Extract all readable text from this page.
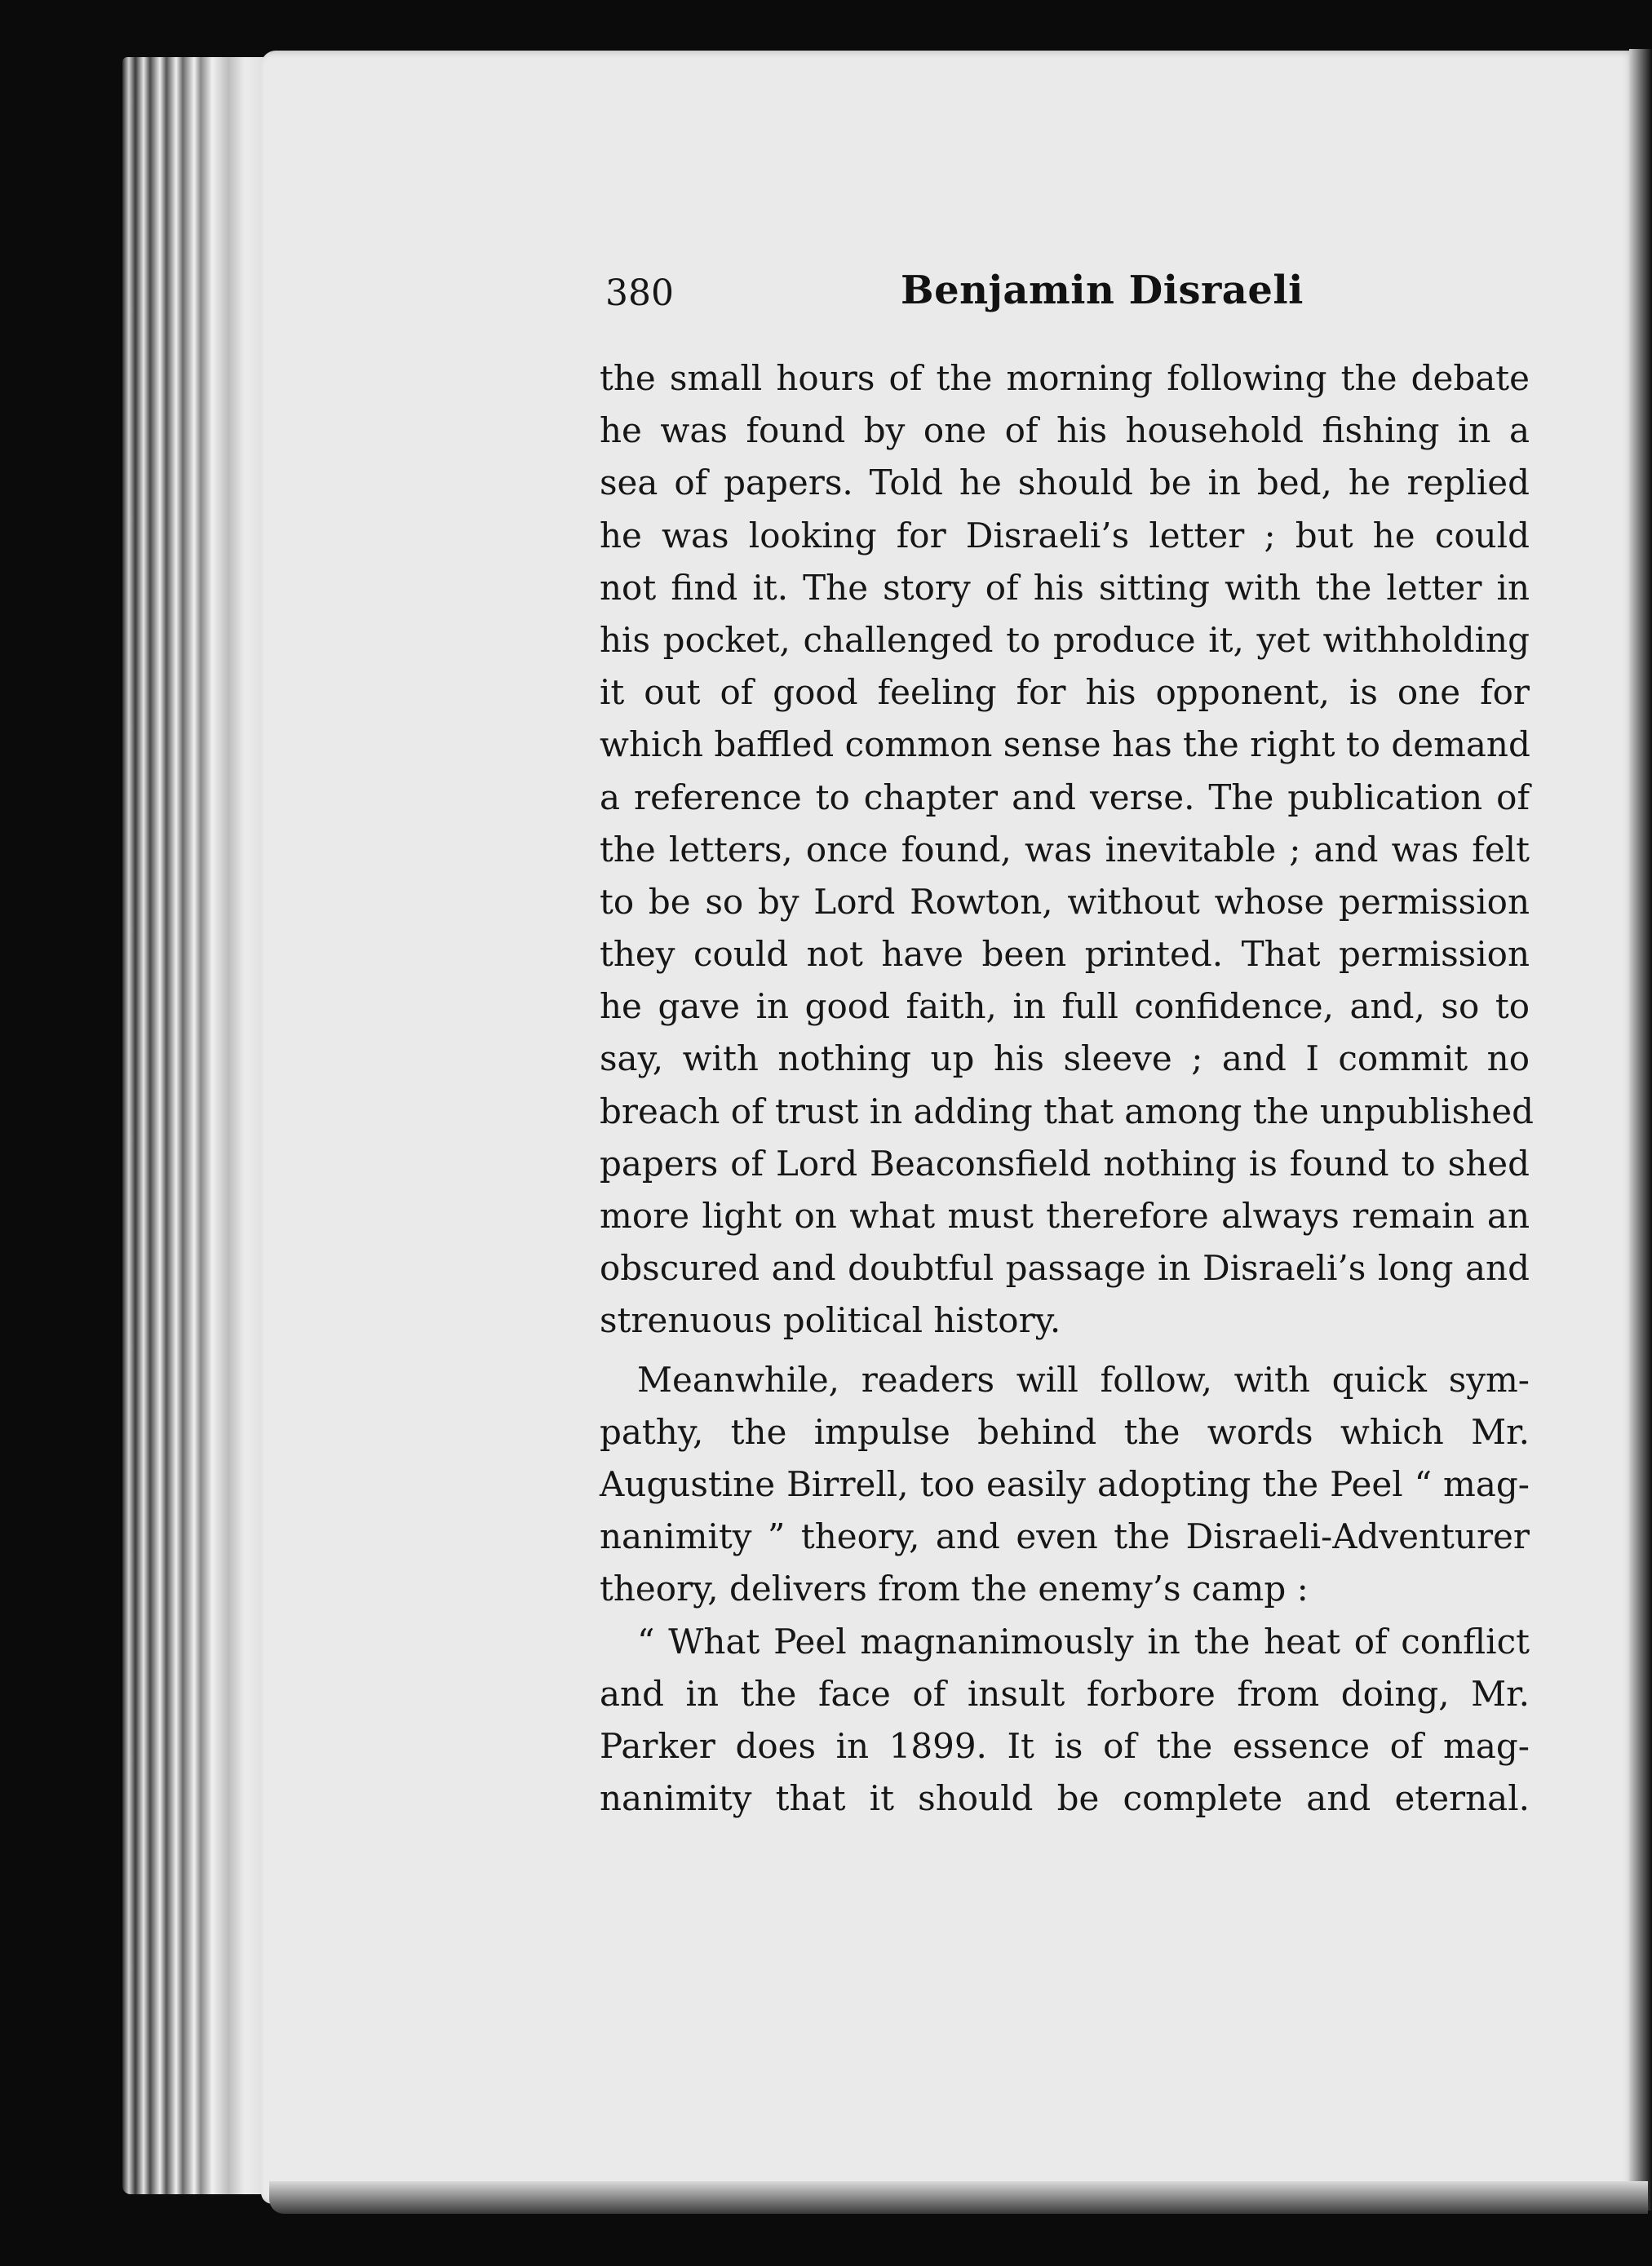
380	Benjamin Disraeli
the small hours of the morning following the debate
he was found by one of his household fishing in a
sea of papers. Told he should be in bed, he replied
he was looking for Disraeli’s letter ; but he could
not find it. The story of his sitting with the letter in
his pocket, challenged to produce it, yet withholding
it out of good feeling for his opponent, is one for
which baffled common sense has the right to demand
a reference to chapter and verse. The publication of
the letters, once found, was inevitable ; and was felt
to be so by Lord Rowton, without whose permission
they could not have been printed. That permission
he gave in good faith, in full confidence, and, so to
say, with nothing up his sleeve ; and I commit no
breach of trust in adding that among the unpublished
papers of Lord Beaconsfield nothing is found to shed
more light on what must therefore always remain an
obscured and doubtful passage in Disraeli’s long and
strenuous political history.
Meanwhile, readers will follow, with quick sym-
pathy, the impulse behind the words which Mr.
Augustine Birrell, too easily adopting the Peel “ mag-
nanimity ” theory, and even the Disraeli-Adventurer
theory, delivers from the enemy’s camp :
“ What Peel magnanimously in the heat of conflict
and in the face of insult forbore from doing, Mr.
Parker does in 1899. It is of the essence of mag-
nanimity that it should be complete and eternal.
